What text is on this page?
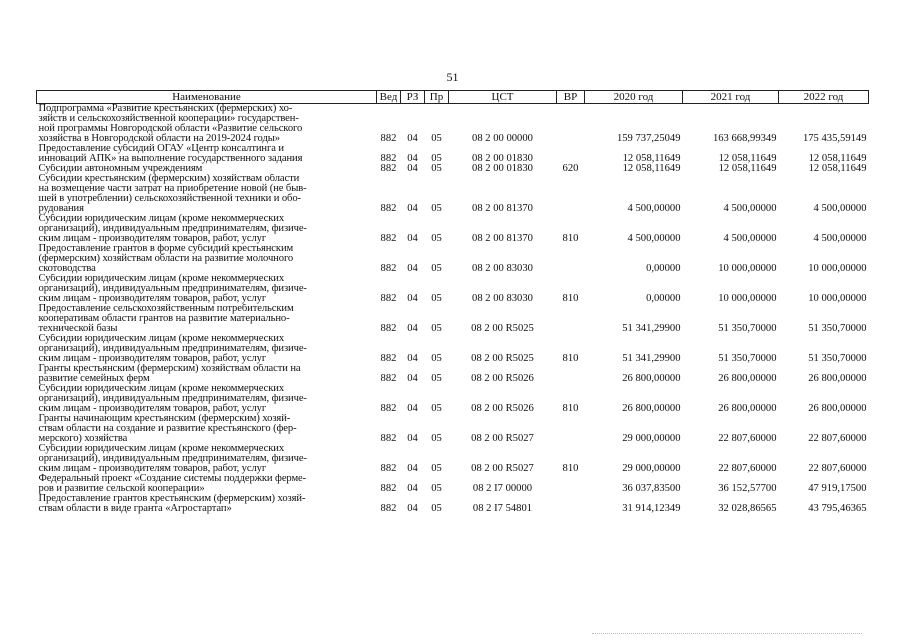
51
Наименование	Вед	РЗ	Пр	ЦСТ	ВР	2020 год	2021 год	2022 год

Подпрограмма «Развитие крестьянских (фермерских) хо-
зяйств и сельскохозяйственной кооперации» государствен-
ной программы Новгородской области «Развитие сельского
хозяйства в Новгородской области на 2019-2024 годы»	882	04	05	08 2 00 00000		159 737,25049	163 668,99349	175 435,59149

Предоставление субсидий ОГАУ «Центр консалтинга и
инноваций АПК» на выполнение государственного задания	882	04	05	08 2 00 01830		12 058,11649	12 058,11649	12 058,11649

Субсидии автономным учреждениям	882	04	05	08 2 00 01830	620	12 058,11649	12 058,11649	12 058,11649

Субсидии крестьянским (фермерским) хозяйствам области
на возмещение части затрат на приобретение новой (не быв-
шей в употреблении) сельскохозяйственной техники и обо-
рудования	882	04	05	08 2 00 81370		4 500,00000	4 500,00000	4 500,00000

Субсидии юридическим лицам (кроме некоммерческих
организаций), индивидуальным предпринимателям, физиче-
ским лицам - производителям товаров, работ, услуг	882	04	05	08 2 00 81370	810	4 500,00000	4 500,00000	4 500,00000

Предоставление грантов в форме субсидий крестьянским
(фермерским) хозяйствам области на развитие молочного
скотоводства	882	04	05	08 2 00 83030		0,00000	10 000,00000	10 000,00000

Субсидии юридическим лицам (кроме некоммерческих
организаций), индивидуальным предпринимателям, физиче-
ским лицам - производителям товаров, работ, услуг	882	04	05	08 2 00 83030	810	0,00000	10 000,00000	10 000,00000

Предоставление сельскохозяйственным потребительским
кооперативам области грантов на развитие материально-
технической базы	882	04	05	08 2 00 R5025		51 341,29900	51 350,70000	51 350,70000

Субсидии юридическим лицам (кроме некоммерческих
организаций), индивидуальным предпринимателям, физиче-
ским лицам - производителям товаров, работ, услуг	882	04	05	08 2 00 R5025	810	51 341,29900	51 350,70000	51 350,70000

Гранты крестьянским (фермерским) хозяйствам области на
развитие семейных ферм	882	04	05	08 2 00 R5026		26 800,00000	26 800,00000	26 800,00000

Субсидии юридическим лицам (кроме некоммерческих
организаций), индивидуальным предпринимателям, физиче-
ским лицам - производителям товаров, работ, услуг	882	04	05	08 2 00 R5026	810	26 800,00000	26 800,00000	26 800,00000

Гранты начинающим крестьянским (фермерским) хозяй-
ствам области на создание и развитие крестьянского (фер-
мерского) хозяйства	882	04	05	08 2 00 R5027		29 000,00000	22 807,60000	22 807,60000

Субсидии юридическим лицам (кроме некоммерческих
организаций), индивидуальным предпринимателям, физиче-
ским лицам - производителям товаров, работ, услуг	882	04	05	08 2 00 R5027	810	29 000,00000	22 807,60000	22 807,60000

Федеральный проект «Создание системы поддержки ферме-
ров и развитие сельской кооперации»	882	04	05	08 2 I7 00000		36 037,83500	36 152,57700	47 919,17500

Предоставление грантов крестьянским (фермерским) хозяй-
ствам области в виде гранта «Агростартап»	882	04	05	08 2 I7 54801		31 914,12349	32 028,86565	43 795,46365
